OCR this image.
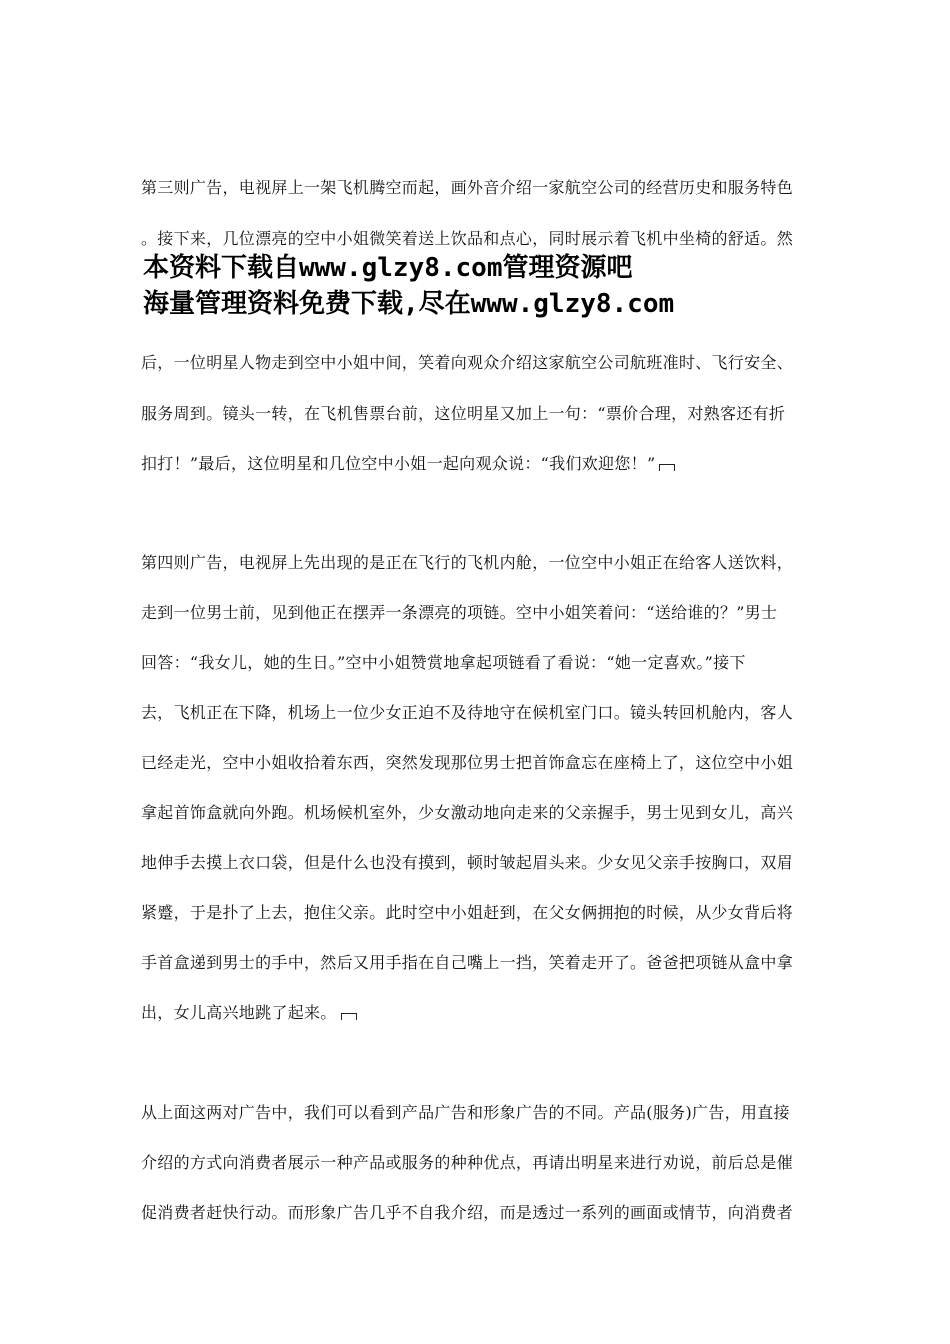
第三则广告，电视屏上一架飞机腾空而起，画外音介绍一家航空公司的经营历史和服务特色
。接下来，几位漂亮的空中小姐微笑着送上饮品和点心，同时展示着飞机中坐椅的舒适。然
本资料下载自www.glzy8.com管理资源吧
海量管理资料免费下载,尽在www.glzy8.com
后，一位明星人物走到空中小姐中间，笑着向观众介绍这家航空公司航班准时、飞行安全、
服务周到。镜头一转，在飞机售票台前，这位明星又加上一句：“票价合理，对熟客还有折
扣打！”最后，这位明星和几位空中小姐一起向观众说：“我们欢迎您！”
第四则广告，电视屏上先出现的是正在飞行的飞机内舱，一位空中小姐正在给客人送饮料，
走到一位男士前，见到他正在摆弄一条漂亮的项链。空中小姐笑着问：“送给谁的？”男士
回答：“我女儿，她的生日。”空中小姐赞赏地拿起项链看了看说：“她一定喜欢。”接下
去，飞机正在下降，机场上一位少女正迫不及待地守在候机室门口。镜头转回机舱内，客人
已经走光，空中小姐收拾着东西，突然发现那位男士把首饰盒忘在座椅上了，这位空中小姐
拿起首饰盒就向外跑。机场候机室外，少女激动地向走来的父亲握手，男士见到女儿，高兴
地伸手去摸上衣口袋，但是什么也没有摸到，顿时皱起眉头来。少女见父亲手按胸口，双眉
紧蹙，于是扑了上去，抱住父亲。此时空中小姐赶到，在父女俩拥抱的时候，从少女背后将
手首盒递到男士的手中，然后又用手指在自己嘴上一挡，笑着走开了。爸爸把项链从盒中拿
出，女儿高兴地跳了起来。
从上面这两对广告中，我们可以看到产品广告和形象广告的不同。产品(服务)广告，用直接
介绍的方式向消费者展示一种产品或服务的种种优点，再请出明星来进行劝说，前后总是催
促消费者赶快行动。而形象广告几乎不自我介绍，而是透过一系列的画面或情节，向消费者
